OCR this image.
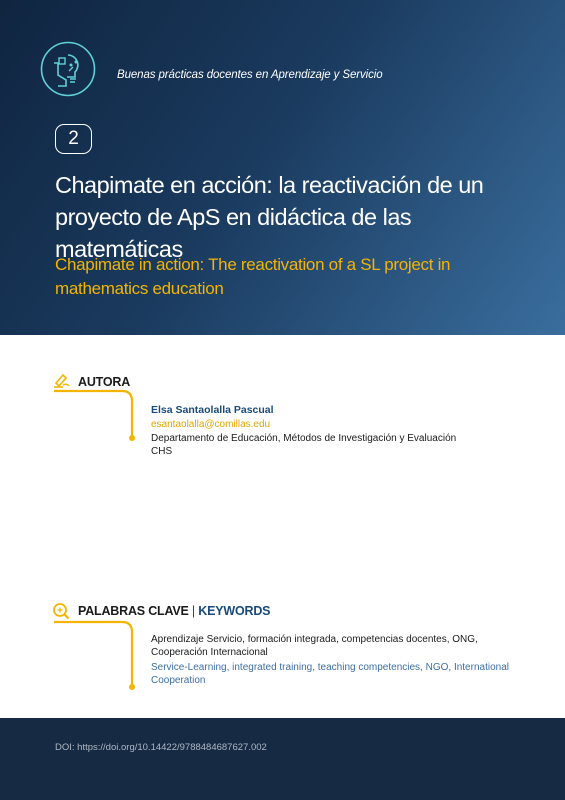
Buenas prácticas docentes en Aprendizaje y Servicio
2
Chapimate en acción: la reactivación de un proyecto de ApS en didáctica de las matemáticas
Chapimate in action: The reactivation of a SL project in mathematics education
AUTORA
Elsa Santaolalla Pascual
esantaolalla@comillas.edu
Departamento de Educación, Métodos de Investigación y Evaluación
CHS
PALABRAS CLAVE | KEYWORDS
Aprendizaje Servicio, formación integrada, competencias docentes, ONG, Cooperación Internacional
Service-Learning, integrated training, teaching competencies, NGO, International Cooperation
DOI: https://doi.org/10.14422/9788484687627.002
